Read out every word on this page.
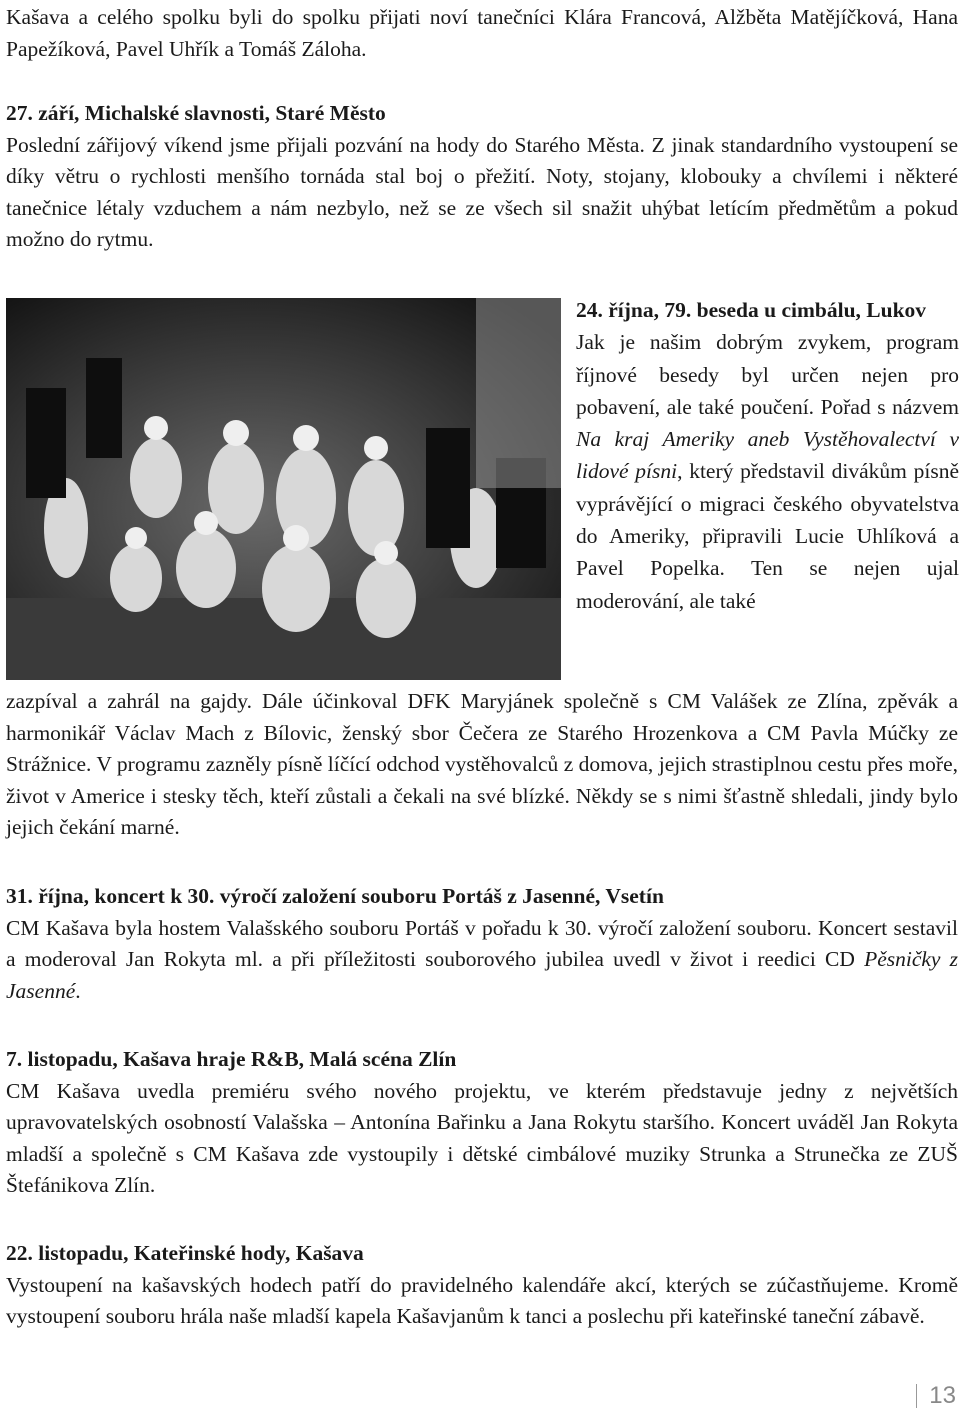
Kašava a celého spolku byli do spolku přijati noví tanečníci Klára Francová, Alžběta Matějíčková, Hana Papežíková, Pavel Uhřík a Tomáš Záloha.

27. září, Michalské slavnosti, Staré Město
Poslední zářijový víkend jsme přijali pozvání na hody do Starého Města. Z jinak standardního vystoupení se díky větru o rychlosti menšího tornáda stal boj o přežití. Noty, stojany, klobouky a chvílemi i některé tanečnice létaly vzduchem a nám nezbylo, než se ze všech sil snažit uhýbat letícím předmětům a pokud možno do rytmu.

24. října, 79. beseda u cimbálu, Lukov
Jak je našim dobrým zvykem, program říjnové besedy byl určen nejen pro pobavení, ale také poučení. Pořad s názvem Na kraj Ameriky aneb Vystěhovalectví v lidové písni, který představil divákům písně vyprávějící o migraci českého obyvatelstva do Ameriky, připravili Lucie Uhlíková a Pavel Popelka. Ten se nejen ujal moderování, ale také

zazpíval a zahrál na gajdy. Dále účinkoval DFK Maryjánek společně s CM Valášek ze Zlína, zpěvák a harmonikář Václav Mach z Bílovic, ženský sbor Čečera ze Starého Hrozenkova a CM Pavla Múčky ze Strážnice. V programu zazněly písně líčící odchod vystěhovalců z domova, jejich strastiplnou cestu přes moře, život v Americe i stesky těch, kteří zůstali a čekali na své blízké. Někdy se s nimi šťastně shledali, jindy bylo jejich čekání marné.

31. října, koncert k 30. výročí založení souboru Portáš z Jasenné, Vsetín
CM Kašava byla hostem Valašského souboru Portáš v pořadu k 30. výročí založení souboru. Koncert sestavil a moderoval Jan Rokyta ml. a při příležitosti souborového jubilea uvedl v život i reedici CD Pěsničky z Jasenné.

7. listopadu, Kašava hraje R&B, Malá scéna Zlín
CM Kašava uvedla premiéru svého nového projektu, ve kterém představuje jedny z největších upravovatelských osobností Valašska – Antonína Bařinku a Jana Rokytu staršího. Koncert uváděl Jan Rokyta mladší a společně s CM Kašava zde vystoupily i dětské cimbálové muziky Strunka a Strunečka ze ZUŠ Štefánikova Zlín.

22. listopadu, Kateřinské hody, Kašava
Vystoupení na kašavských hodech patří do pravidelného kalendáře akcí, kterých se zúčastňujeme. Kromě vystoupení souboru hrála naše mladší kapela Kašavjanům k tanci a poslechu při kateřinské taneční zábavě.

13
